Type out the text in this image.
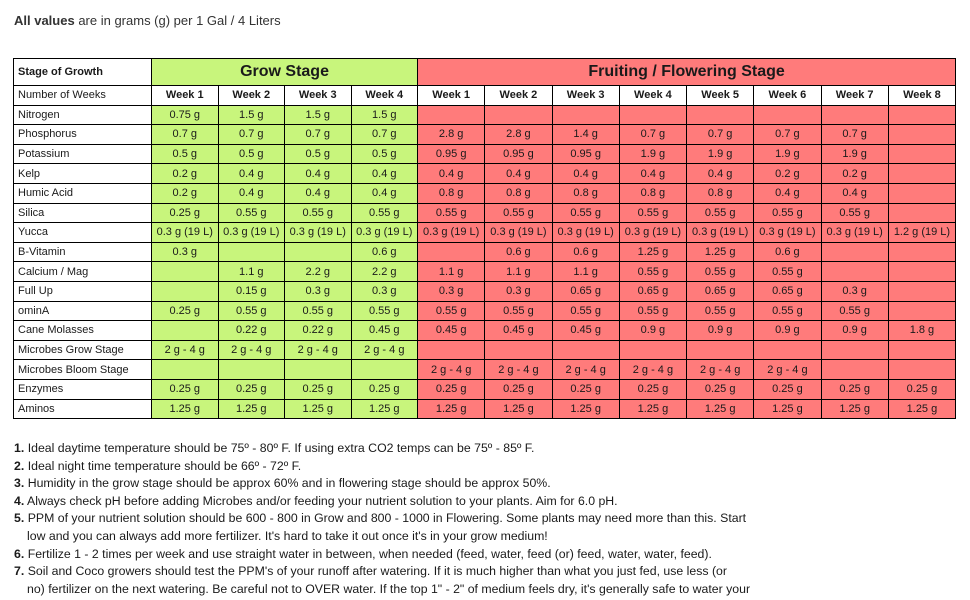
All values are in grams (g) per 1 Gal / 4 Liters
Stage of Growth	Grow Stage				Fruiting / Flowering Stage							
Number of Weeks	Week 1	Week 2	Week 3	Week 4	Week 1	Week 2	Week 3	Week 4	Week 5	Week 6	Week 7	Week 8
Nitrogen	0.75 g	1.5 g	1.5 g	1.5 g								
Phosphorus	0.7 g	0.7 g	0.7 g	0.7 g	2.8 g	2.8 g	1.4 g	0.7 g	0.7 g	0.7 g	0.7 g	
Potassium	0.5 g	0.5 g	0.5 g	0.5 g	0.95 g	0.95 g	0.95 g	1.9 g	1.9 g	1.9 g	1.9 g	
Kelp	0.2 g	0.4 g	0.4 g	0.4 g	0.4 g	0.4 g	0.4 g	0.4 g	0.4 g	0.2 g	0.2 g	
Humic Acid	0.2 g	0.4 g	0.4 g	0.4 g	0.8 g	0.8 g	0.8 g	0.8 g	0.8 g	0.4 g	0.4 g	
Silica	0.25 g	0.55 g	0.55 g	0.55 g	0.55 g	0.55 g	0.55 g	0.55 g	0.55 g	0.55 g	0.55 g	
Yucca	0.3 g (19 L)	0.3 g (19 L)	0.3 g (19 L)	0.3 g (19 L)	0.3 g (19 L)	0.3 g (19 L)	0.3 g (19 L)	0.3 g (19 L)	0.3 g (19 L)	0.3 g (19 L)	0.3 g (19 L)	1.2 g (19 L)
B-Vitamin	0.3 g			0.6 g		0.6 g	0.6 g	1.25 g	1.25 g	0.6 g		
Calcium / Mag		1.1 g	2.2 g	2.2 g	1.1 g	1.1 g	1.1 g	0.55 g	0.55 g	0.55 g		
Full Up		0.15 g	0.3 g	0.3 g	0.3 g	0.3 g	0.65 g	0.65 g	0.65 g	0.65 g	0.3 g	
ominA	0.25 g	0.55 g	0.55 g	0.55 g	0.55 g	0.55 g	0.55 g	0.55 g	0.55 g	0.55 g	0.55 g	
Cane Molasses		0.22 g	0.22 g	0.45 g	0.45 g	0.45 g	0.45 g	0.9 g	0.9 g	0.9 g	0.9 g	1.8 g
Microbes Grow Stage	2 g - 4 g	2 g - 4 g	2 g - 4 g	2 g - 4 g								
Microbes Bloom Stage					2 g - 4 g	2 g - 4 g	2 g - 4 g	2 g - 4 g	2 g - 4 g	2 g - 4 g		
Enzymes	0.25 g	0.25 g	0.25 g	0.25 g	0.25 g	0.25 g	0.25 g	0.25 g	0.25 g	0.25 g	0.25 g	0.25 g
Aminos	1.25 g	1.25 g	1.25 g	1.25 g	1.25 g	1.25 g	1.25 g	1.25 g	1.25 g	1.25 g	1.25 g	1.25 g
1. Ideal daytime temperature should be 75º - 80º F. If using extra CO2 temps can be 75º - 85º F.
2. Ideal night time temperature should be 66º - 72º F.
3. Humidity in the grow stage should be approx 60% and in flowering stage should be approx 50%.
4. Always check pH before adding Microbes and/or feeding your nutrient solution to your plants. Aim for 6.0 pH.
5. PPM of your nutrient solution should be 600 - 800 in Grow and 800 - 1000 in Flowering. Some plants may need more than this. Start
low and you can always add more fertilizer. It's hard to take it out once it's in your grow medium!
6. Fertilize 1 - 2 times per week and use straight water in between, when needed (feed, water, feed (or) feed, water, water, feed).
7. Soil and Coco growers should test the PPM's of your runoff after watering. If it is much higher than what you just fed, use less (or
no) fertilizer on the next watering. Be careful not to OVER water. If the top 1" - 2" of medium feels dry, it's generally safe to water your
